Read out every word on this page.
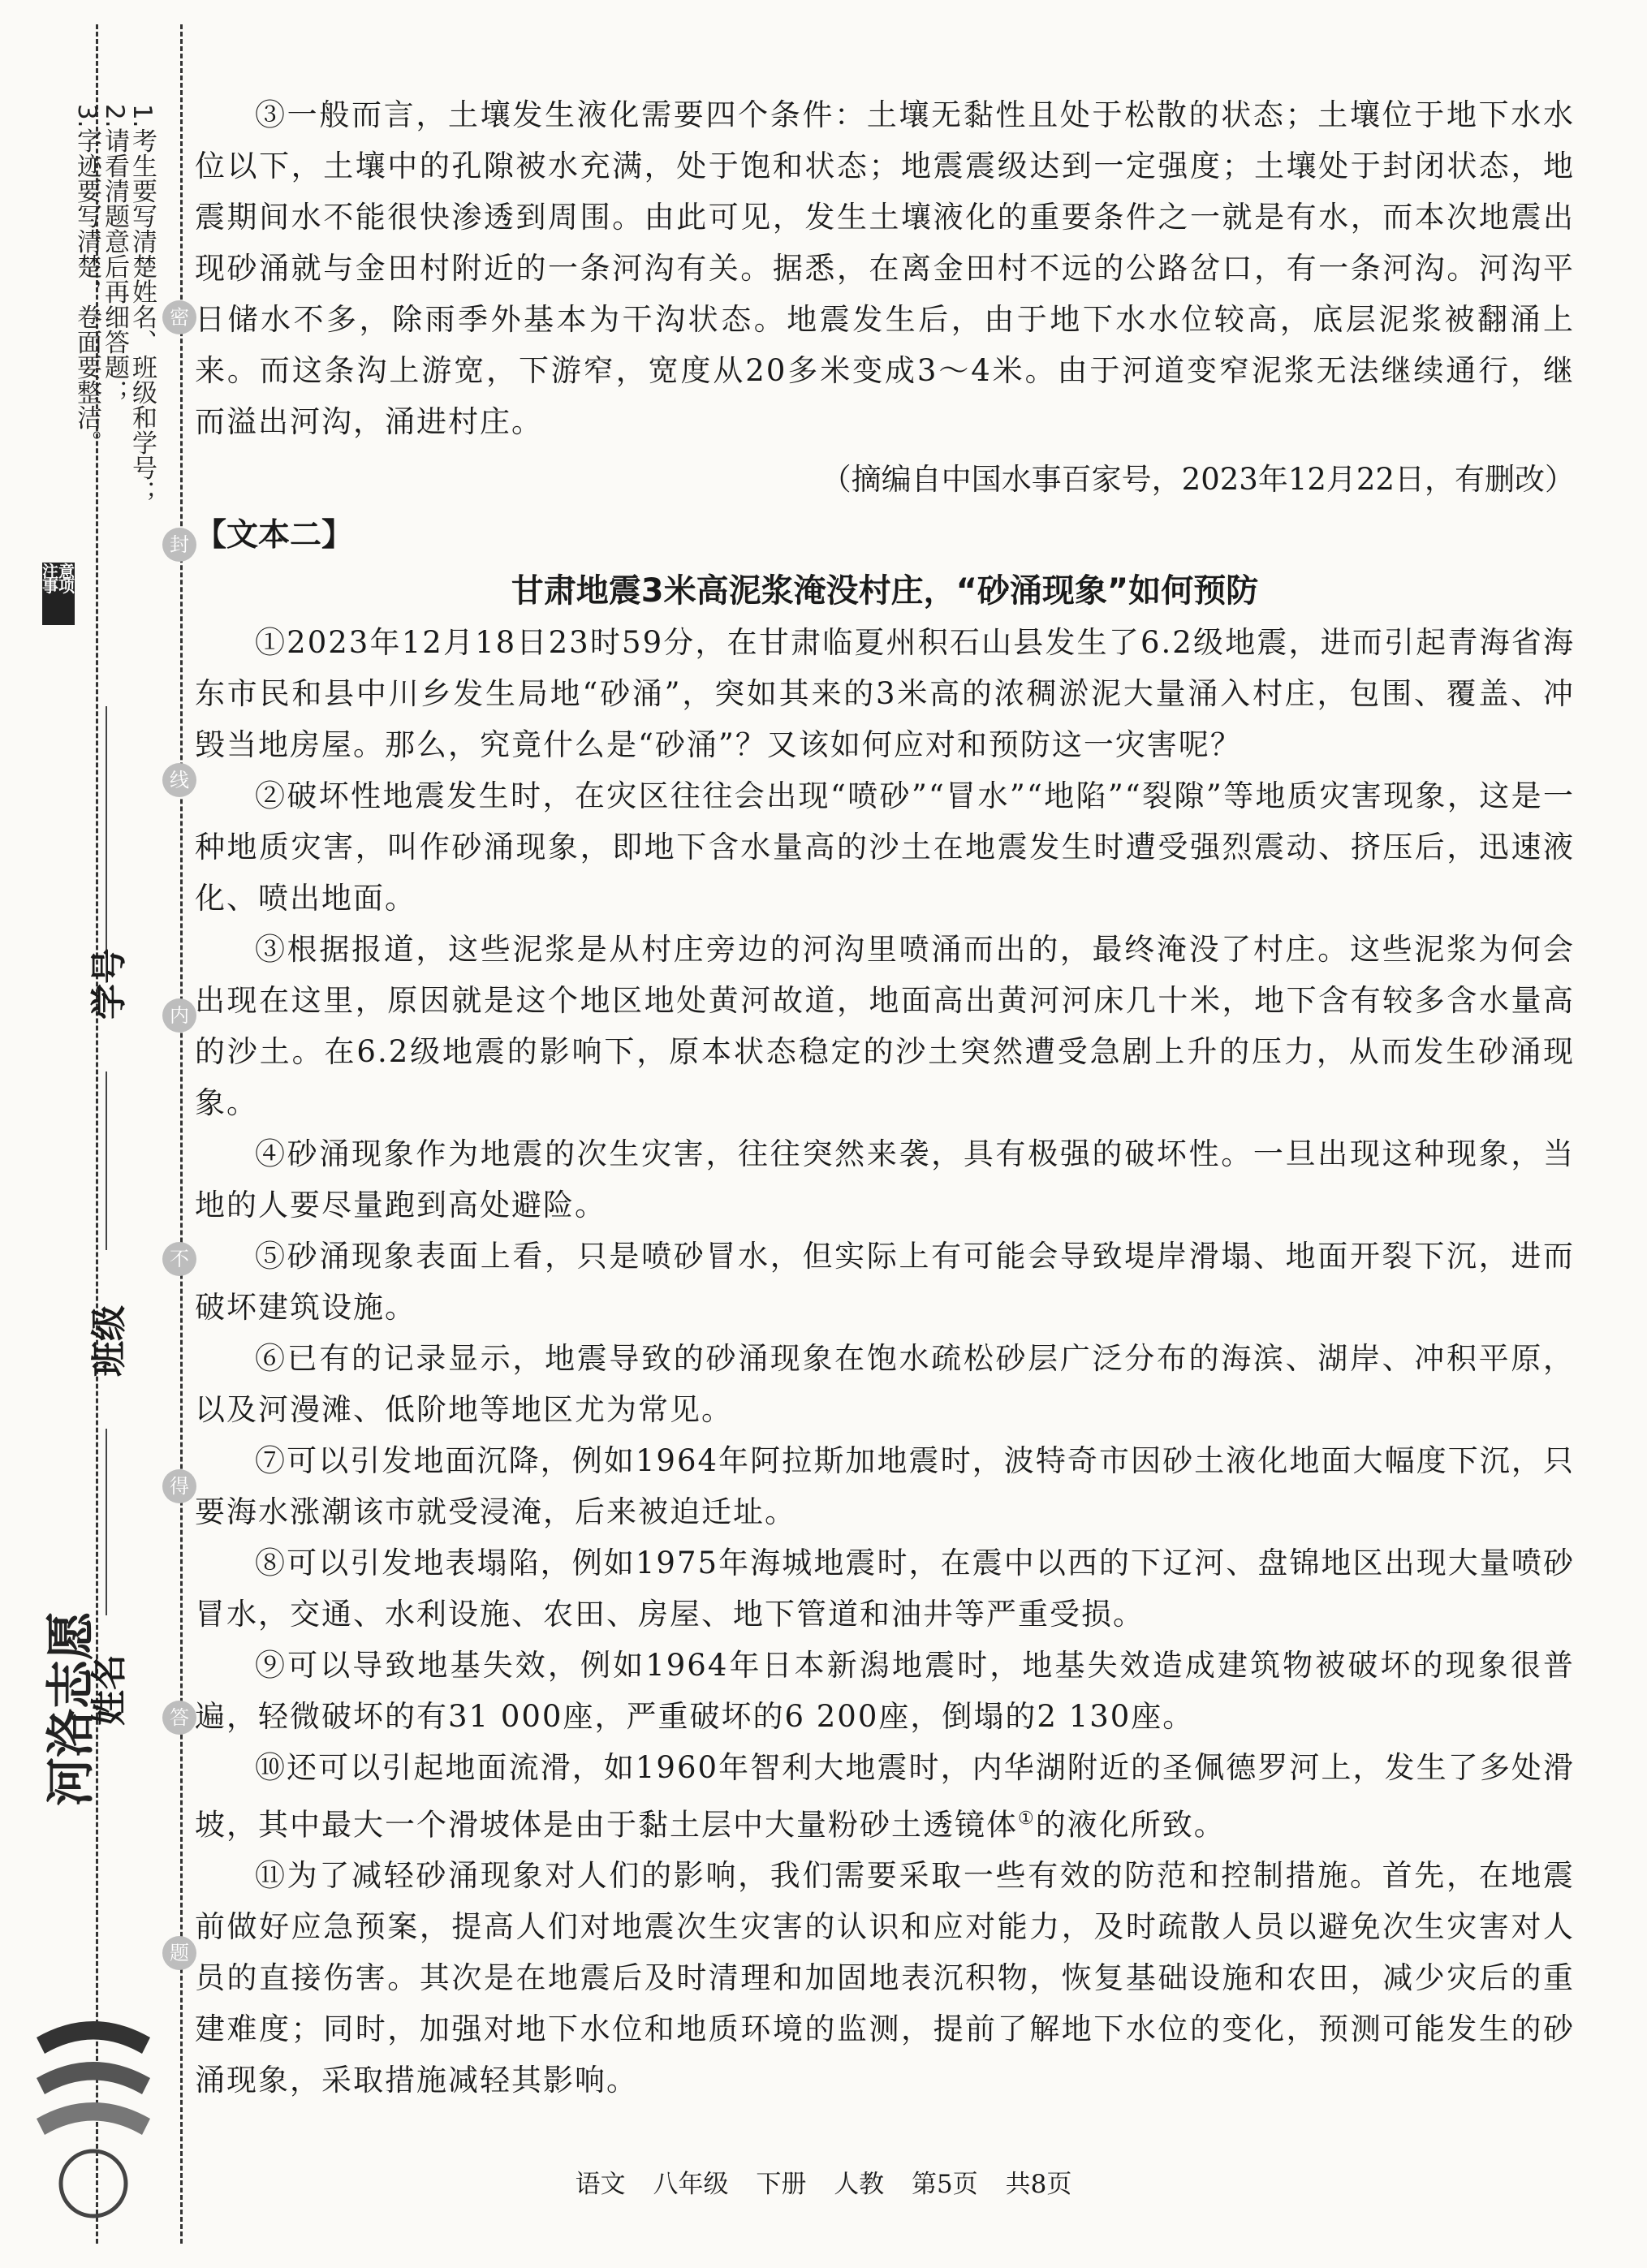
1.考生要写清楚姓名、班级和学号；
2.请看清题意后再细答题；
3.字迹要写清楚，卷面要整洁。
注意事项
密
封
线
内
不
得
答
题
学号
班级
姓名
河洛志愿

③一般而言，土壤发生液化需要四个条件：土壤无黏性且处于松散的状态；土壤位于地下水水位以下，土壤中的孔隙被水充满，处于饱和状态；地震震级达到一定强度；土壤处于封闭状态，地震期间水不能很快渗透到周围。由此可见，发生土壤液化的重要条件之一就是有水，而本次地震出现砂涌就与金田村附近的一条河沟有关。据悉，在离金田村不远的公路岔口，有一条河沟。河沟平日储水不多，除雨季外基本为干沟状态。地震发生后，由于地下水水位较高，底层泥浆被翻涌上来。而这条沟上游宽，下游窄，宽度从20多米变成3～4米。由于河道变窄泥浆无法继续通行，继而溢出河沟，涌进村庄。

（摘编自中国水事百家号，2023年12月22日，有删改）
【文本二】
甘肃地震3米高泥浆淹没村庄，“砂涌现象”如何预防

①2023年12月18日23时59分，在甘肃临夏州积石山县发生了6.2级地震，进而引起青海省海东市民和县中川乡发生局地“砂涌”，突如其来的3米高的浓稠淤泥大量涌入村庄，包围、覆盖、冲毁当地房屋。那么，究竟什么是“砂涌”？又该如何应对和预防这一灾害呢？

②破坏性地震发生时，在灾区往往会出现“喷砂”“冒水”“地陷”“裂隙”等地质灾害现象，这是一种地质灾害，叫作砂涌现象，即地下含水量高的沙土在地震发生时遭受强烈震动、挤压后，迅速液化、喷出地面。

③根据报道，这些泥浆是从村庄旁边的河沟里喷涌而出的，最终淹没了村庄。这些泥浆为何会出现在这里，原因就是这个地区地处黄河故道，地面高出黄河河床几十米，地下含有较多含水量高的沙土。在6.2级地震的影响下，原本状态稳定的沙土突然遭受急剧上升的压力，从而发生砂涌现象。

④砂涌现象作为地震的次生灾害，往往突然来袭，具有极强的破坏性。一旦出现这种现象，当地的人要尽量跑到高处避险。

⑤砂涌现象表面上看，只是喷砂冒水，但实际上有可能会导致堤岸滑塌、地面开裂下沉，进而破坏建筑设施。

⑥已有的记录显示，地震导致的砂涌现象在饱水疏松砂层广泛分布的海滨、湖岸、冲积平原，以及河漫滩、低阶地等地区尤为常见。

⑦可以引发地面沉降，例如1964年阿拉斯加地震时，波特奇市因砂土液化地面大幅度下沉，只要海水涨潮该市就受浸淹，后来被迫迁址。

⑧可以引发地表塌陷，例如1975年海城地震时，在震中以西的下辽河、盘锦地区出现大量喷砂冒水，交通、水利设施、农田、房屋、地下管道和油井等严重受损。

⑨可以导致地基失效，例如1964年日本新潟地震时，地基失效造成建筑物被破坏的现象很普遍，轻微破坏的有31 000座，严重破坏的6 200座，倒塌的2 130座。

⑩还可以引起地面流滑，如1960年智利大地震时，内华湖附近的圣佩德罗河上，发生了多处滑坡，其中最大一个滑坡体是由于黏土层中大量粉砂土透镜体①的液化所致。

⑪为了减轻砂涌现象对人们的影响，我们需要采取一些有效的防范和控制措施。首先，在地震前做好应急预案，提高人们对地震次生灾害的认识和应对能力，及时疏散人员以避免次生灾害对人员的直接伤害。其次是在地震后及时清理和加固地表沉积物，恢复基础设施和农田，减少灾后的重建难度；同时，加强对地下水位和地质环境的监测，提前了解地下水位的变化，预测可能发生的砂涌现象，采取措施减轻其影响。

语文 八年级 下册 人教 第5页 共8页
